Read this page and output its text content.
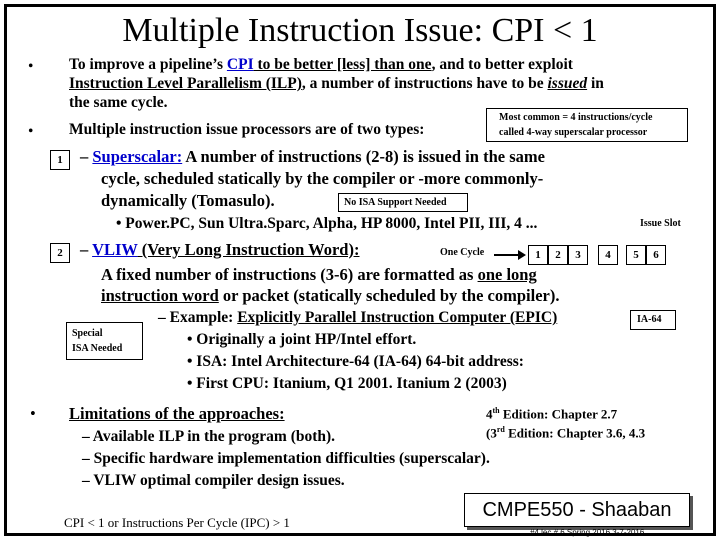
Multiple Instruction Issue: CPI < 1
• To improve a pipeline’s CPI to be better [less] than one, and to better exploit
Instruction Level Parallelism (ILP), a number of instructions have to be issued in
the same cycle.
• Multiple instruction issue processors are of two types:
Most common = 4 instructions/cycle
called 4-way superscalar processor
1	– Superscalar: A number of instructions (2-8) is issued in the same
cycle, scheduled statically by the compiler or -more commonly-
dynamically (Tomasulo).	No ISA Support Needed
• Power.PC, Sun Ultra.Sparc, Alpha, HP 8000, Intel PII, III, 4 ...	Issue Slot
2	– VLIW (Very Long Instruction Word):	One Cycle	1	2	3	4	5	6
A fixed number of instructions (3-6) are formatted as one long
instruction word or packet (statically scheduled by the compiler).
Special
ISA Needed
– Example: Explicitly Parallel Instruction Computer (EPIC)	IA-64
• Originally a joint HP/Intel effort.
• ISA: Intel Architecture-64 (IA-64) 64-bit address:
• First CPU: Itanium, Q1 2001. Itanium 2 (2003)
• Limitations of the approaches:	4th Edition: Chapter 2.7
(3rd Edition: Chapter 3.6, 4.3
– Available ILP in the program (both).
– Specific hardware implementation difficulties (superscalar).
– VLIW optimal compiler design issues.
CPI < 1 or Instructions Per Cycle (IPC) > 1
CMPE550 - Shaaban
#4 lec # 6 Spring 2016 3-7-2016
